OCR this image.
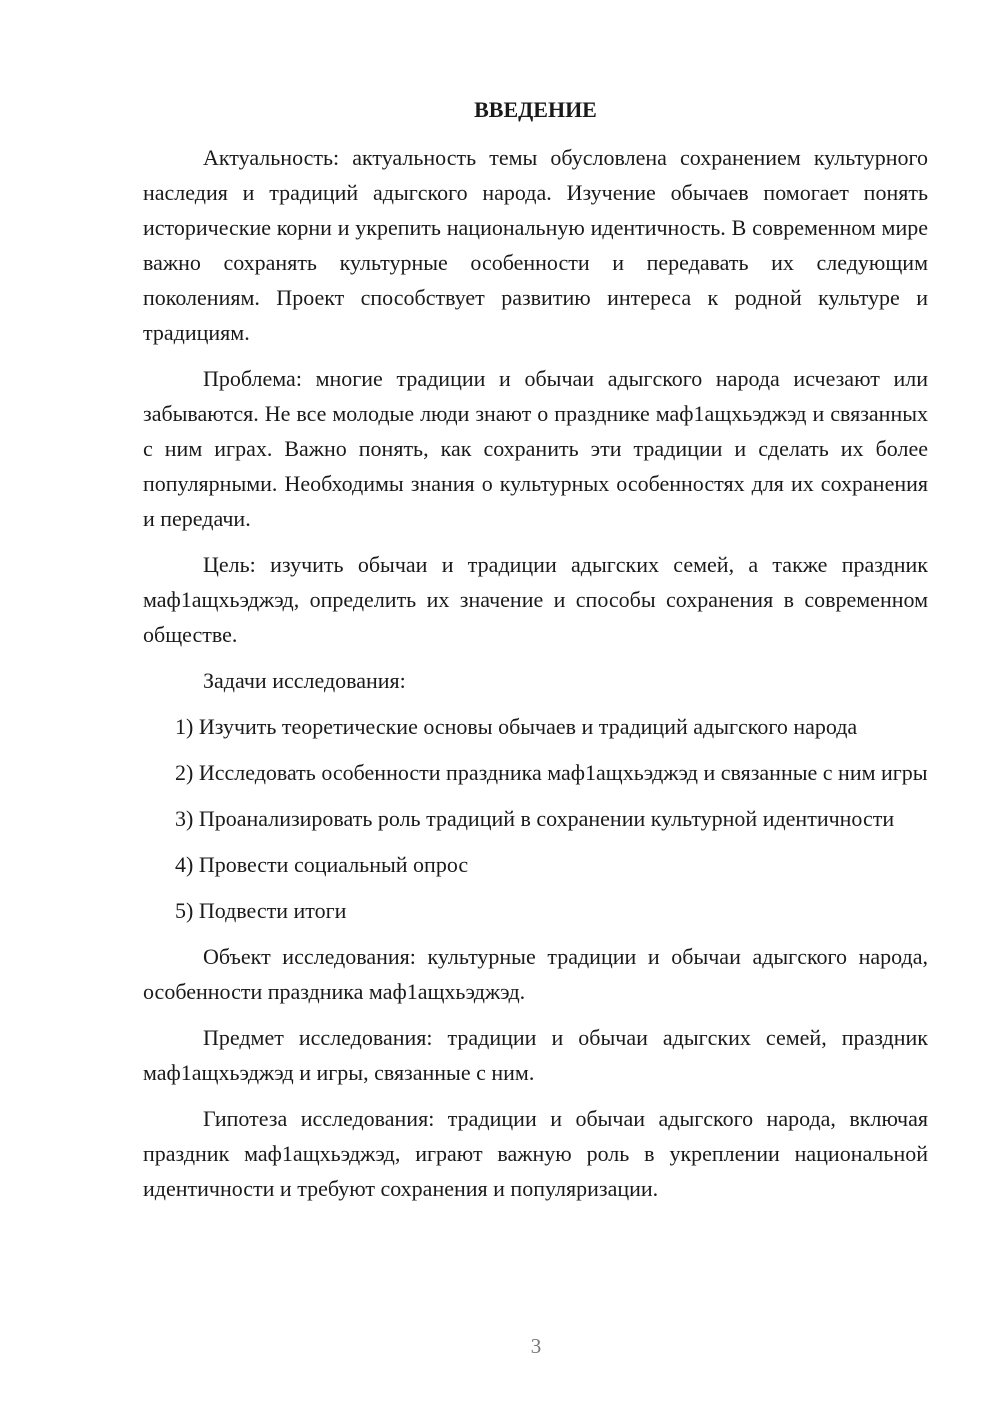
ВВЕДЕНИЕ

Актуальность: актуальность темы обусловлена сохранением культурного наследия и традиций адыгского народа. Изучение обычаев помогает понять исторические корни и укрепить национальную идентичность. В современном мире важно сохранять культурные особенности и передавать их следующим поколениям. Проект способствует развитию интереса к родной культуре и традициям.

Проблема: многие традиции и обычаи адыгского народа исчезают или забываются. Не все молодые люди знают о празднике маф1ащхьэджэд и связанных с ним играх. Важно понять, как сохранить эти традиции и сделать их более популярными. Необходимы знания о культурных особенностях для их сохранения и передачи.

Цель: изучить обычаи и традиции адыгских семей, а также праздник маф1ащхьэджэд, определить их значение и способы сохранения в современном обществе.

Задачи исследования:

1) Изучить теоретические основы обычаев и традиций адыгского народа

2) Исследовать особенности праздника маф1ащхьэджэд и связанные с ним игры

3) Проанализировать роль традиций в сохранении культурной идентичности

4) Провести социальный опрос

5) Подвести итоги

Объект исследования: культурные традиции и обычаи адыгского народа, особенности праздника маф1ащхьэджэд.

Предмет исследования: традиции и обычаи адыгских семей, праздник маф1ащхьэджэд и игры, связанные с ним.

Гипотеза исследования: традиции и обычаи адыгского народа, включая праздник маф1ащхьэджэд, играют важную роль в укреплении национальной идентичности и требуют сохранения и популяризации.

3
